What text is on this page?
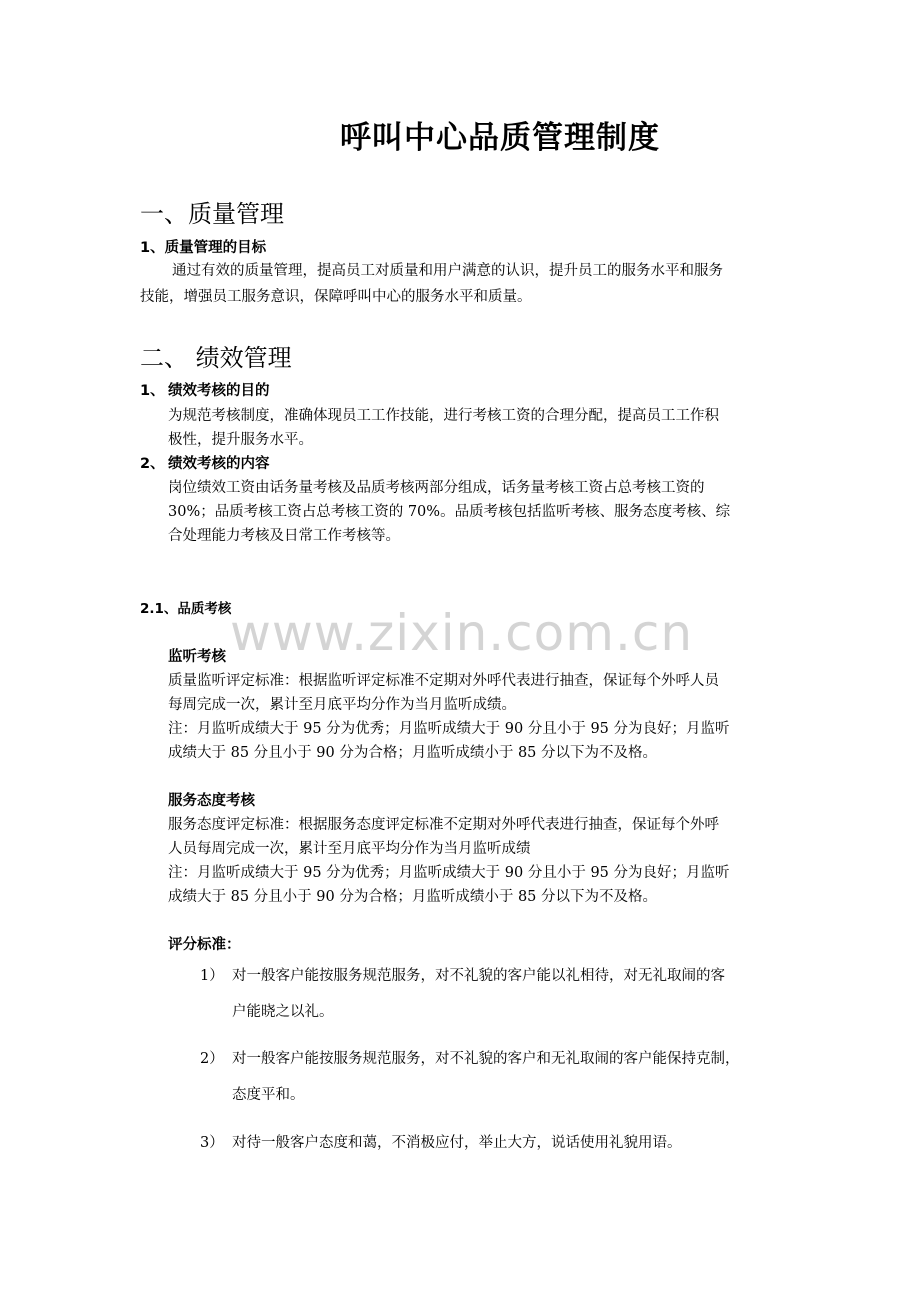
呼叫中心品质管理制度
一、质量管理
1、质量管理的目标
通过有效的质量管理，提高员工对质量和用户满意的认识，提升员工的服务水平和服务
技能，增强员工服务意识，保障呼叫中心的服务水平和质量。
二、 绩效管理
1、 绩效考核的目的
为规范考核制度，准确体现员工工作技能，进行考核工资的合理分配，提高员工工作积
极性，提升服务水平。
2、 绩效考核的内容
岗位绩效工资由话务量考核及品质考核两部分组成，话务量考核工资占总考核工资的
30%；品质考核工资占总考核工资的 70%。品质考核包括监听考核、服务态度考核、综
合处理能力考核及日常工作考核等。
2.1、品质考核
www.zixin.com.cn
监听考核
质量监听评定标准：根据监听评定标准不定期对外呼代表进行抽查，保证每个外呼人员
每周完成一次，累计至月底平均分作为当月监听成绩。
注：月监听成绩大于 95 分为优秀；月监听成绩大于 90 分且小于 95 分为良好；月监听
成绩大于 85 分且小于 90 分为合格；月监听成绩小于 85 分以下为不及格。
服务态度考核
服务态度评定标准：根据服务态度评定标准不定期对外呼代表进行抽查，保证每个外呼
人员每周完成一次，累计至月底平均分作为当月监听成绩
注：月监听成绩大于 95 分为优秀；月监听成绩大于 90 分且小于 95 分为良好；月监听
成绩大于 85 分且小于 90 分为合格；月监听成绩小于 85 分以下为不及格。
评分标准：
1） 对一般客户能按服务规范服务，对不礼貌的客户能以礼相待，对无礼取闹的客
户能晓之以礼。
2） 对一般客户能按服务规范服务，对不礼貌的客户和无礼取闹的客户能保持克制，
态度平和。
3） 对待一般客户态度和蔼，不消极应付，举止大方，说话使用礼貌用语。
